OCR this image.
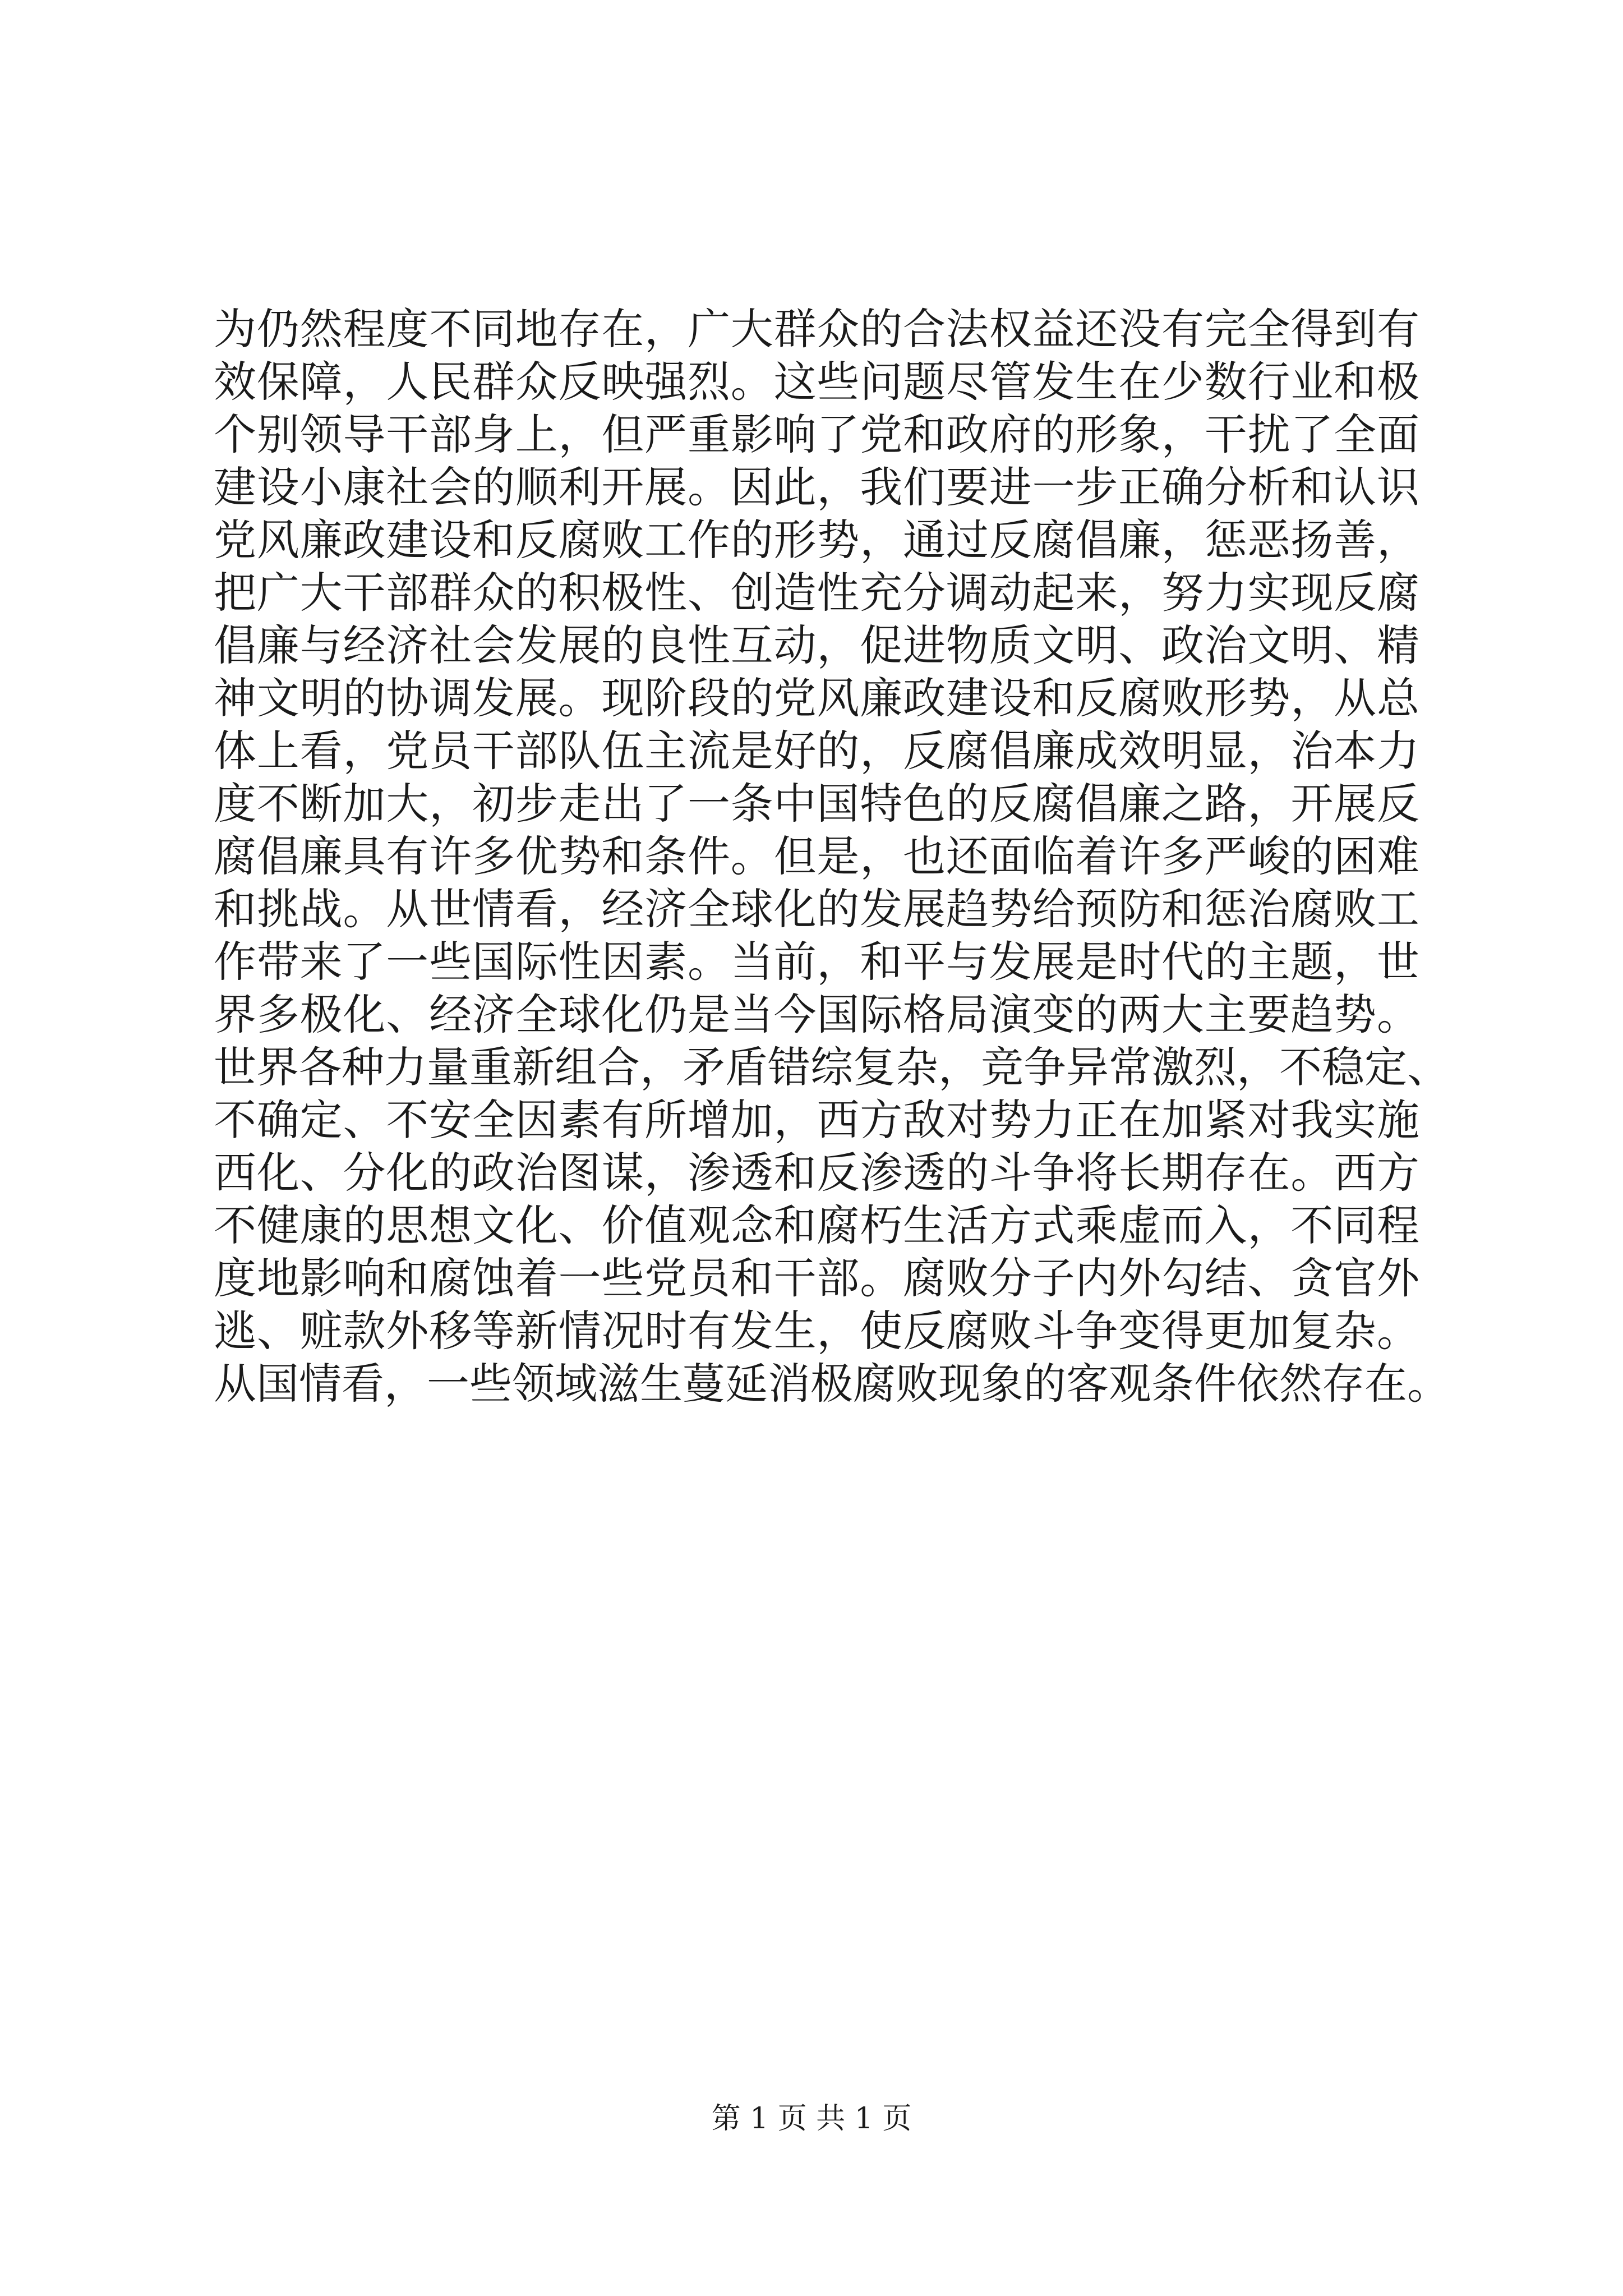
为仍然程度不同地存在，广大群众的合法权益还没有完全得到有
效保障，人民群众反映强烈。这些问题尽管发生在少数行业和极
个别领导干部身上，但严重影响了党和政府的形象，干扰了全面
建设小康社会的顺利开展。因此，我们要进一步正确分析和认识
党风廉政建设和反腐败工作的形势，通过反腐倡廉，惩恶扬善，
把广大干部群众的积极性、创造性充分调动起来，努力实现反腐
倡廉与经济社会发展的良性互动，促进物质文明、政治文明、精
神文明的协调发展。现阶段的党风廉政建设和反腐败形势，从总
体上看，党员干部队伍主流是好的，反腐倡廉成效明显，治本力
度不断加大，初步走出了一条中国特色的反腐倡廉之路，开展反
腐倡廉具有许多优势和条件。但是，也还面临着许多严峻的困难
和挑战。从世情看，经济全球化的发展趋势给预防和惩治腐败工
作带来了一些国际性因素。当前，和平与发展是时代的主题，世
界多极化、经济全球化仍是当今国际格局演变的两大主要趋势。
世界各种力量重新组合，矛盾错综复杂，竞争异常激烈，不稳定、
不确定、不安全因素有所增加，西方敌对势力正在加紧对我实施
西化、分化的政治图谋，渗透和反渗透的斗争将长期存在。西方
不健康的思想文化、价值观念和腐朽生活方式乘虚而入，不同程
度地影响和腐蚀着一些党员和干部。腐败分子内外勾结、贪官外
逃、赃款外移等新情况时有发生，使反腐败斗争变得更加复杂。
从国情看，一些领域滋生蔓延消极腐败现象的客观条件依然存在。
第 1 页 共 1 页
